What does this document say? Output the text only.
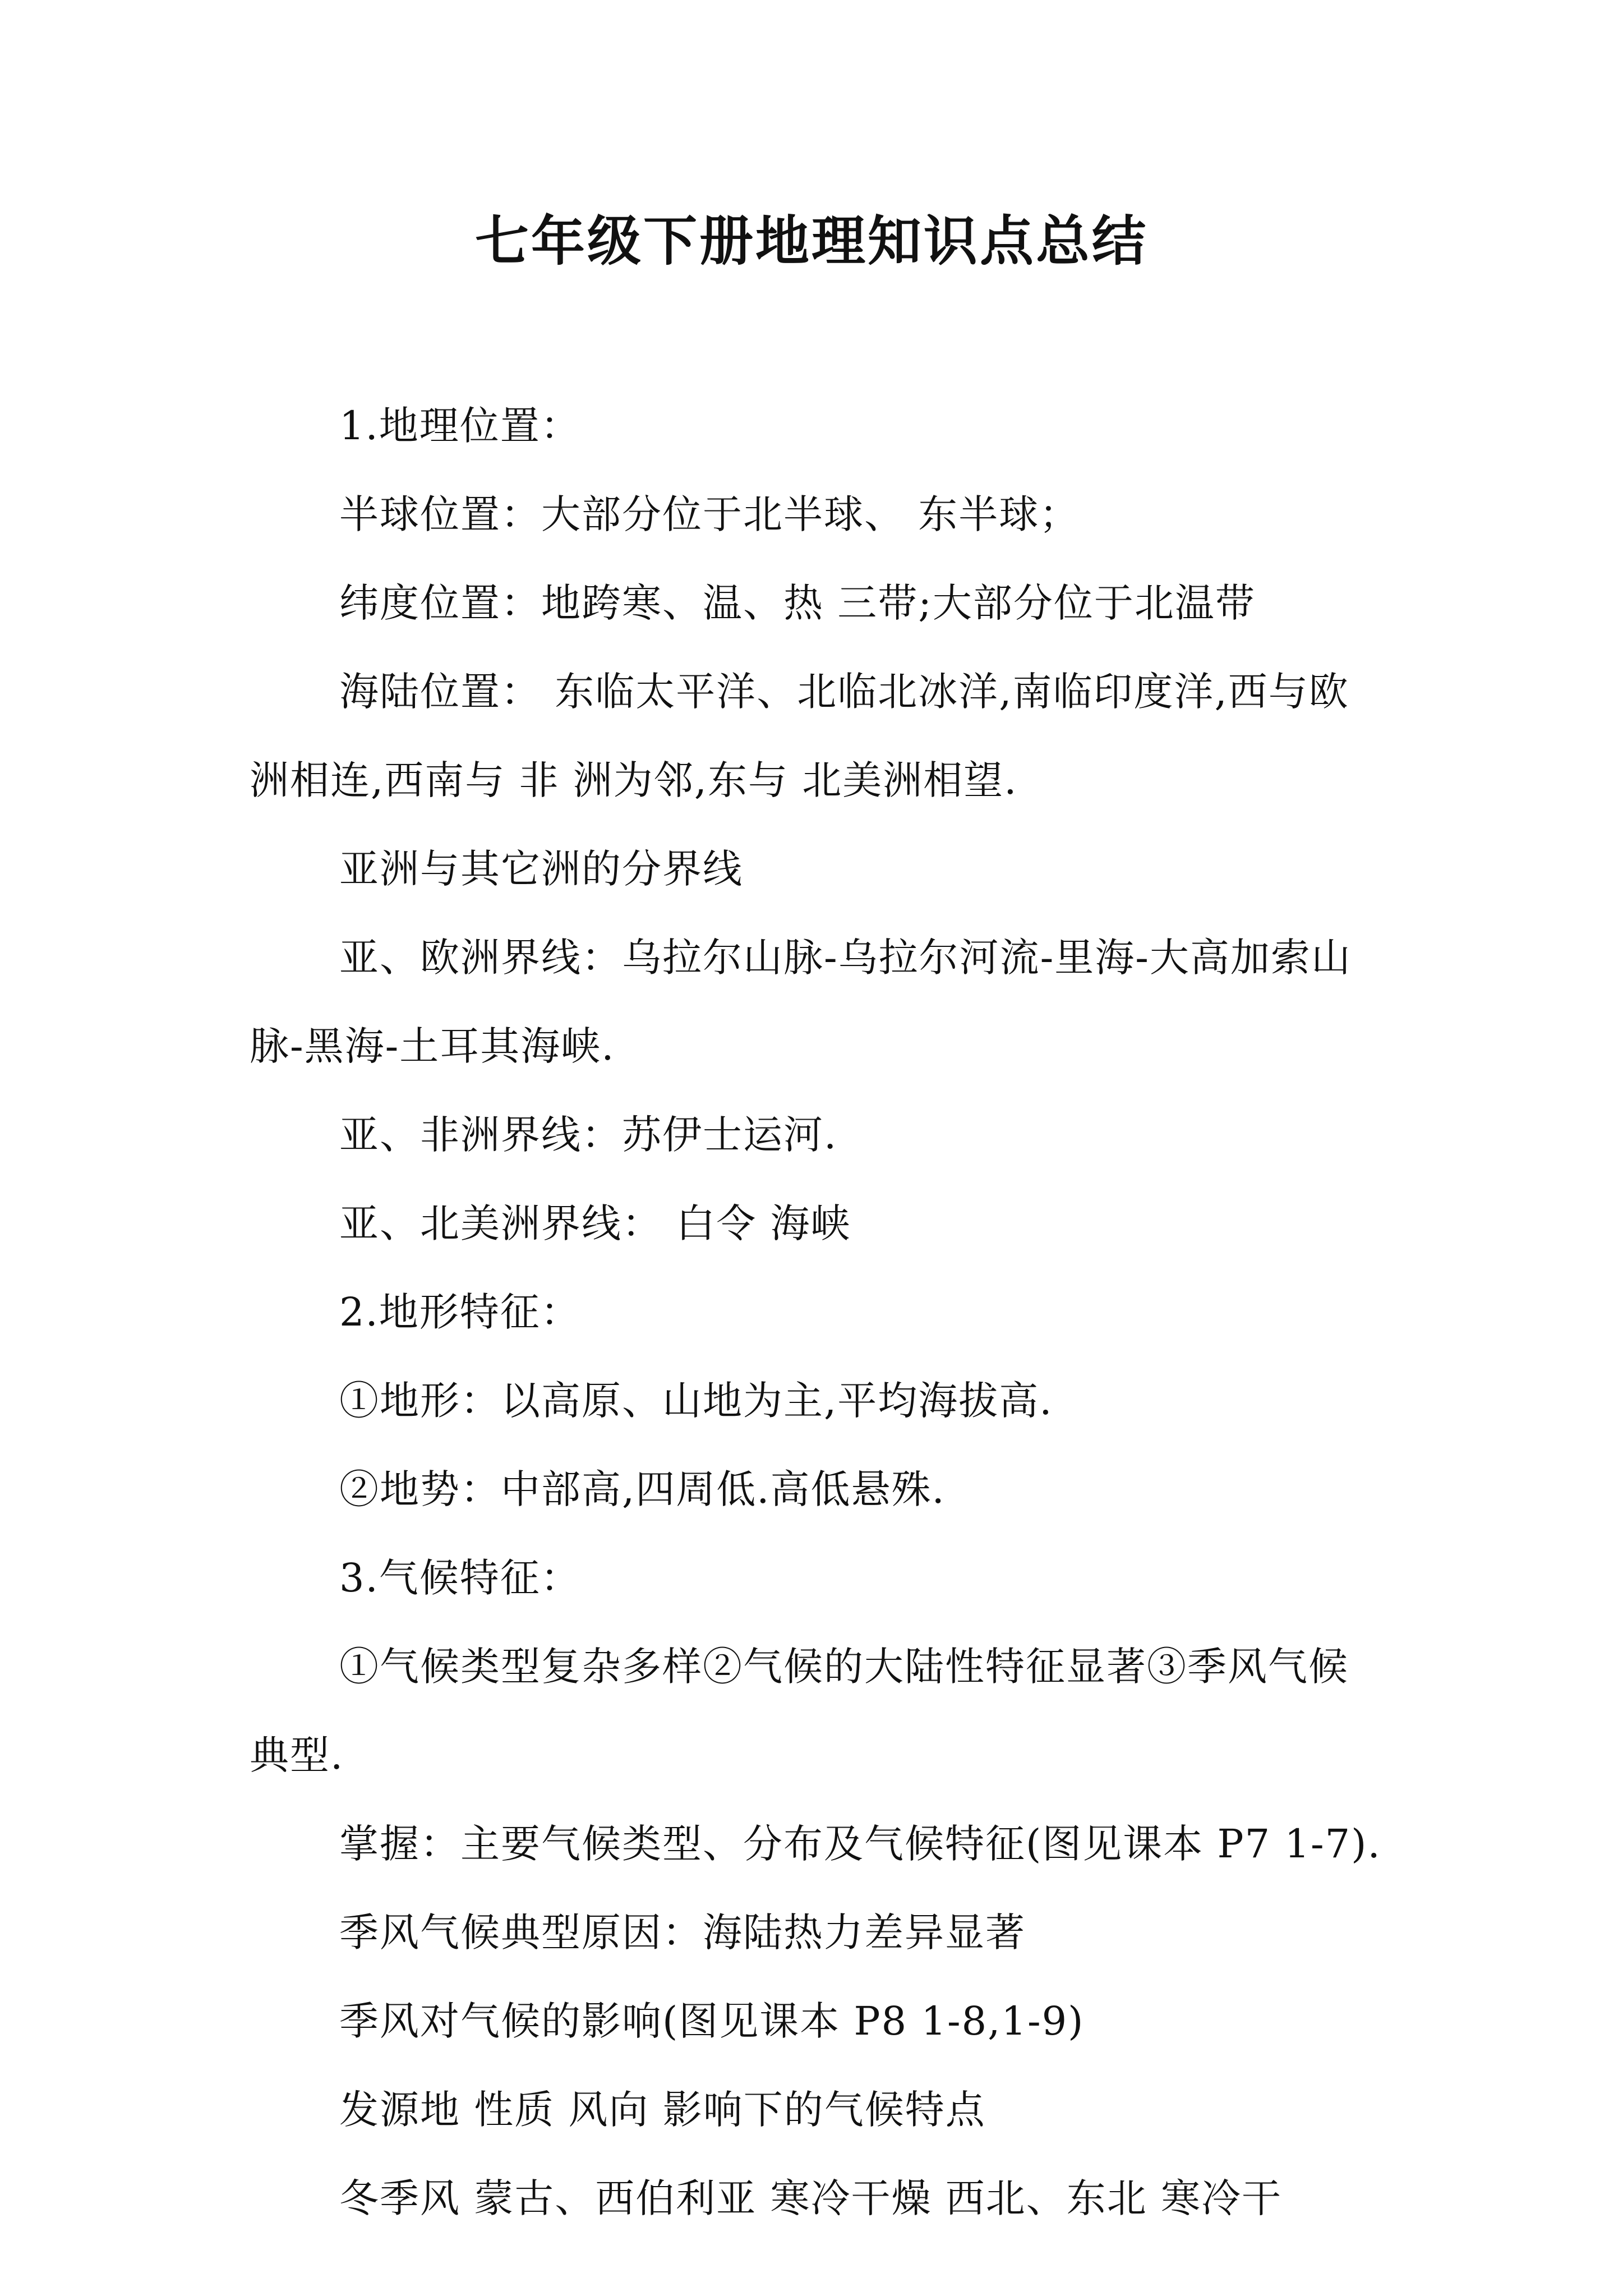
七年级下册地理知识点总结

1.地理位置：

半球位置：大部分位于北半球、 东半球；

纬度位置：地跨寒、温、热 三带;大部分位于北温带

海陆位置： 东临太平洋、北临北冰洋,南临印度洋,西与欧 洲相连,西南与 非 洲为邻,东与 北美洲相望.

亚洲与其它洲的分界线

亚、欧洲界线：乌拉尔山脉-乌拉尔河流-里海-大高加索山脉-黑海-土耳其海峡.

亚、非洲界线：苏伊士运河.

亚、北美洲界线： 白令 海峡

2.地形特征：

①地形：以高原、山地为主,平均海拔高.

②地势：中部高,四周低.高低悬殊.

3.气候特征：

①气候类型复杂多样②气候的大陆性特征显著③季风气候典型.

掌握：主要气候类型、分布及气候特征(图见课本 P7 1-7).

季风气候典型原因：海陆热力差异显著

季风对气候的影响(图见课本 P8 1-8,1-9)

发源地 性质 风向 影响下的气候特点

冬季风 蒙古、西伯利亚 寒冷干燥 西北、东北 寒冷干
